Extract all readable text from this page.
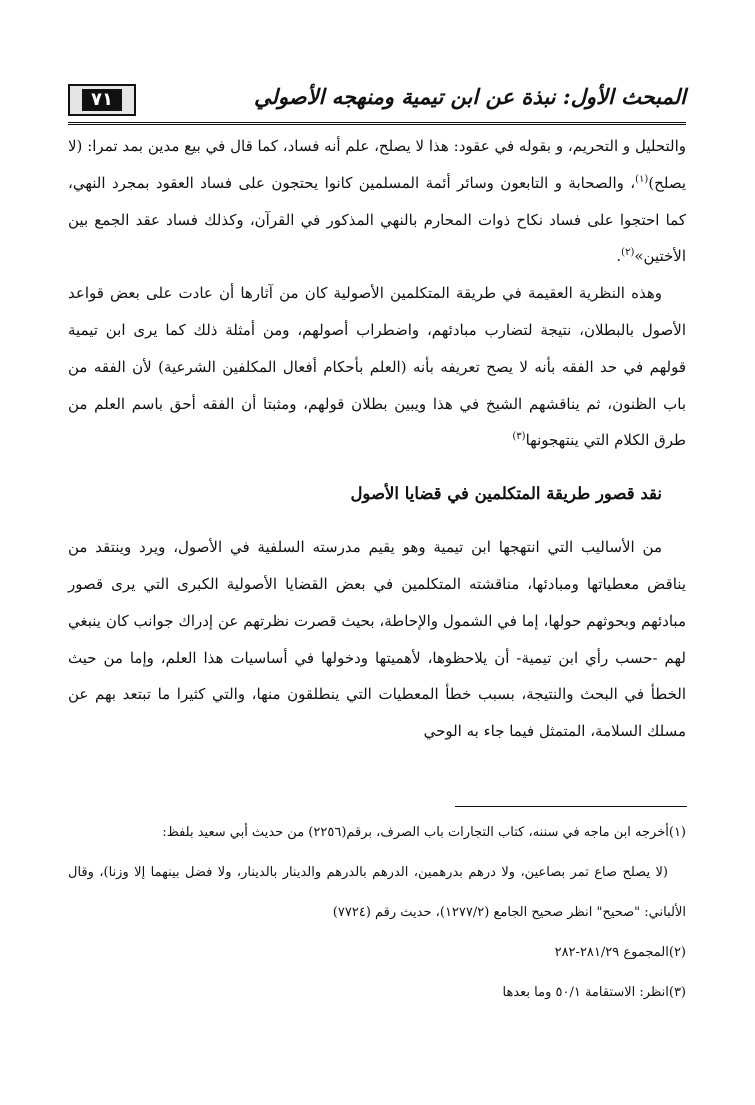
٧١	المبحث الأول: نبذة عن ابن تيمية ومنهجه الأصولي

والتحليل و التحريم، و بقوله في عقود: هذا لا يصلح، علم أنه فساد، كما قال في بيع مدين بمد تمرا: (لا يصلح)$^{(١)}$، والصحابة و التابعون وسائر أئمة المسلمين كانوا يحتجون على فساد العقود بمجرد النهي، كما احتجوا على فساد نكاح ذوات المحارم بالنهي المذكور في القرآن، وكذلك فساد عقد الجمع بين الأختين»$^{(٢)}$.

وهذه النظرية العقيمة في طريقة المتكلمين الأصولية كان من آثارها أن عادت على بعض قواعد الأصول بالبطلان، نتيجة لتضارب مبادئهم، واضطراب أصولهم، ومن أمثلة ذلك كما يرى ابن تيمية قولهم في حد الفقه بأنه لا يصح تعريفه بأنه (العلم بأحكام أفعال المكلفين الشرعية) لأن الفقه من باب الظنون، ثم يناقشهم الشيخ في هذا ويبين بطلان قولهم، ومثبتا أن الفقه أحق باسم العلم من طرق الكلام التي ينتهجونها$^{(٣)}$

نقد قصور طريقة المتكلمين في قضايا الأصول

من الأساليب التي انتهجها ابن تيمية وهو يقيم مدرسته السلفية في الأصول، ويرد وينتقد من يناقض معطياتها ومبادئها، مناقشته المتكلمين في بعض القضايا الأصولية الكبرى التي يرى قصور مبادئهم وبحوثهم حولها، إما في الشمول والإحاطة، بحيث قصرت نظرتهم عن إدراك جوانب كان ينبغي لهم -حسب رأي ابن تيمية- أن يلاحظوها، لأهميتها ودخولها في أساسيات هذا العلم، وإما من حيث الخطأ في البحث والنتيجة، بسبب خطأ المعطيات التي ينطلقون منها، والتي كثيرا ما تبتعد بهم عن مسلك السلامة، المتمثل فيما جاء به الوحي

(١)أخرجه ابن ماجه في سننه، كتاب التجارات باب الصرف، برقم(٢٢٥٦) من حديث أبي سعيد بلفظ:

(لا يصلح صاع تمر بصاعين، ولا درهم بدرهمين، الدرهم بالدرهم والدينار بالدينار، ولا فضل بينهما إلا وزنا)، وقال الألباني: "صحيح" انظر صحيح الجامع (١٢٧٧/٢)، حديث رقم (٧٧٢٤)

(٢)المجموع ٢٨١/٢٩-٢٨٢

(٣)انظر: الاستقامة ٥٠/١ وما بعدها
